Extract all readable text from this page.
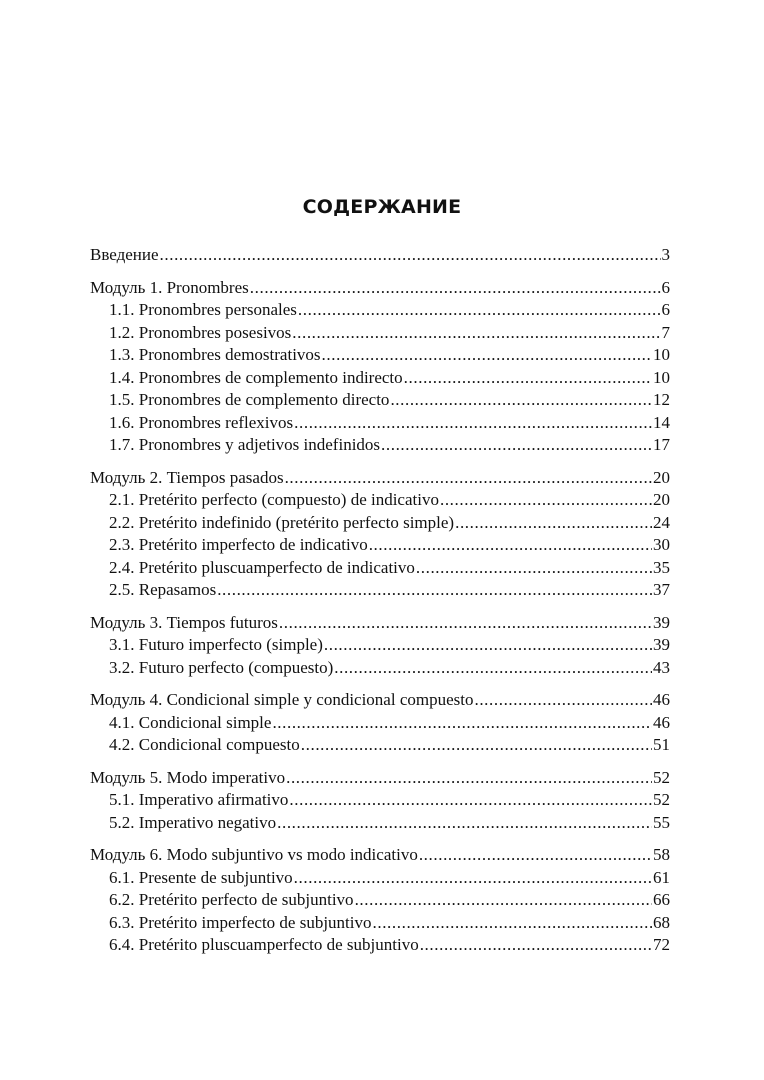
СОДЕРЖАНИЕ
Введение .....	3
Модуль 1. Pronombres .....	6
1.1. Pronombres personales .....	6
1.2. Pronombres posesivos .....	7
1.3. Pronombres demostrativos .....	10
1.4. Pronombres de complemento indirecto .....	10
1.5. Pronombres de complemento directo .....	12
1.6. Pronombres reflexivos .....	14
1.7. Pronombres y adjetivos indefinidos .....	17
Модуль 2. Tiempos pasados .....	20
2.1. Pretérito perfecto (compuesto) de indicativo .....	20
2.2. Pretérito indefinido (pretérito perfecto simple) .....	24
2.3. Pretérito imperfecto de indicativo .....	30
2.4. Pretérito pluscuamperfecto de indicativo .....	35
2.5. Repasamos .....	37
Модуль 3. Tiempos futuros .....	39
3.1. Futuro imperfecto (simple) .....	39
3.2. Futuro perfecto (compuesto) .....	43
Модуль 4. Condicional simple y condicional compuesto .....	46
4.1. Condicional simple .....	46
4.2. Condicional compuesto .....	51
Модуль 5. Modo imperativo .....	52
5.1. Imperativo afirmativo .....	52
5.2. Imperativo negativo .....	55
Модуль 6. Modo subjuntivo vs modo indicativo .....	58
6.1. Presente de subjuntivo .....	61
6.2. Pretérito perfecto de subjuntivo .....	66
6.3. Pretérito imperfecto de subjuntivo .....	68
6.4. Pretérito pluscuamperfecto de subjuntivo .....	72
